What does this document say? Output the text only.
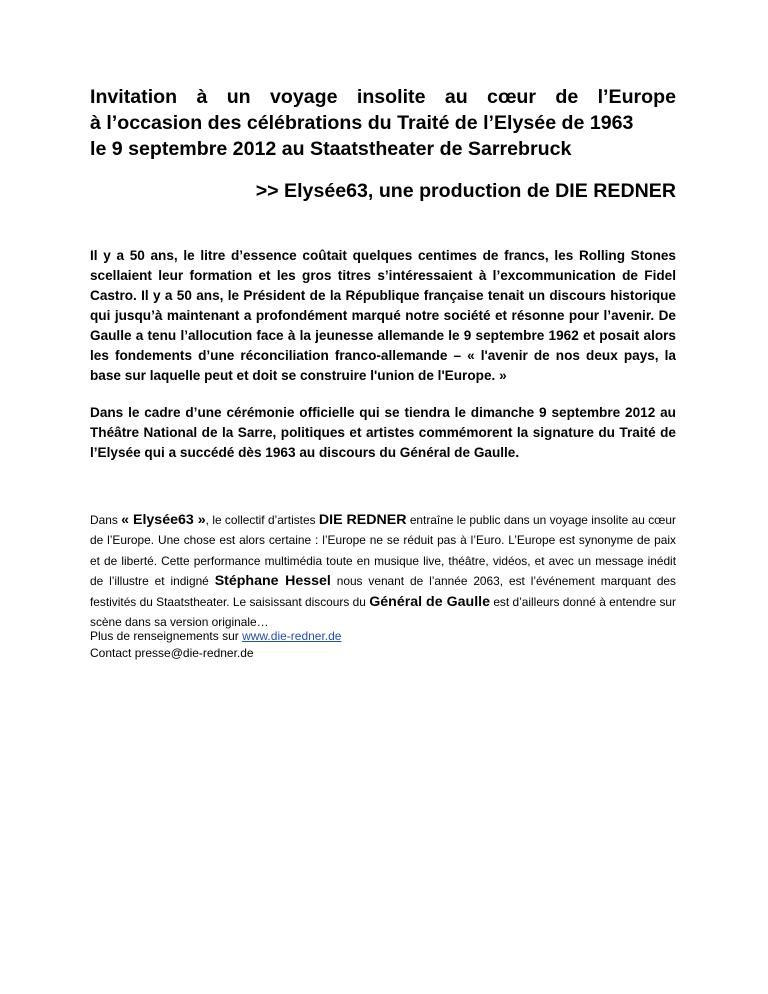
Invitation à un voyage insolite au cœur de l’Europe

à l’occasion des célébrations du Traité de l’Elysée de 1963

le 9 septembre 2012 au Staatstheater de Sarrebruck

>> Elysée63, une production de DIE REDNER
Il y a 50 ans, le litre d’essence coûtait quelques centimes de francs, les Rolling Stones scellaient leur formation et les gros titres s’intéressaient à l’excommunication de Fidel Castro. Il y a 50 ans, le Président de la République française tenait un discours historique qui jusqu’à maintenant a profondément marqué notre société et résonne pour l’avenir. De Gaulle a tenu l’allocution face à la jeunesse allemande le 9 septembre 1962 et posait alors les fondements d’une réconciliation franco-allemande – « l'avenir de nos deux pays, la base sur laquelle peut et doit se construire l'union de l'Europe. »
Dans le cadre d’une cérémonie officielle qui se tiendra le dimanche 9 septembre 2012 au Théâtre National de la Sarre, politiques et artistes commémorent la signature du Traité de l’Elysée qui a succédé dès 1963 au discours du Général de Gaulle.
Dans « Elysée63 », le collectif d’artistes DIE REDNER entraîne le public dans un voyage insolite au cœur de l’Europe. Une chose est alors certaine : l’Europe ne se réduit pas à l’Euro. L’Europe est synonyme de paix et de liberté. Cette performance multimédia toute en musique live, théâtre, vidéos, et avec un message inédit de l’illustre et indigné Stéphane Hessel nous venant de l’année 2063, est l’événement marquant des festivités du Staatstheater. Le saisissant discours du Général de Gaulle est d’ailleurs donné à entendre sur scène dans sa version originale…
Plus de renseignements sur www.die-redner.de
Contact presse@die-redner.de
